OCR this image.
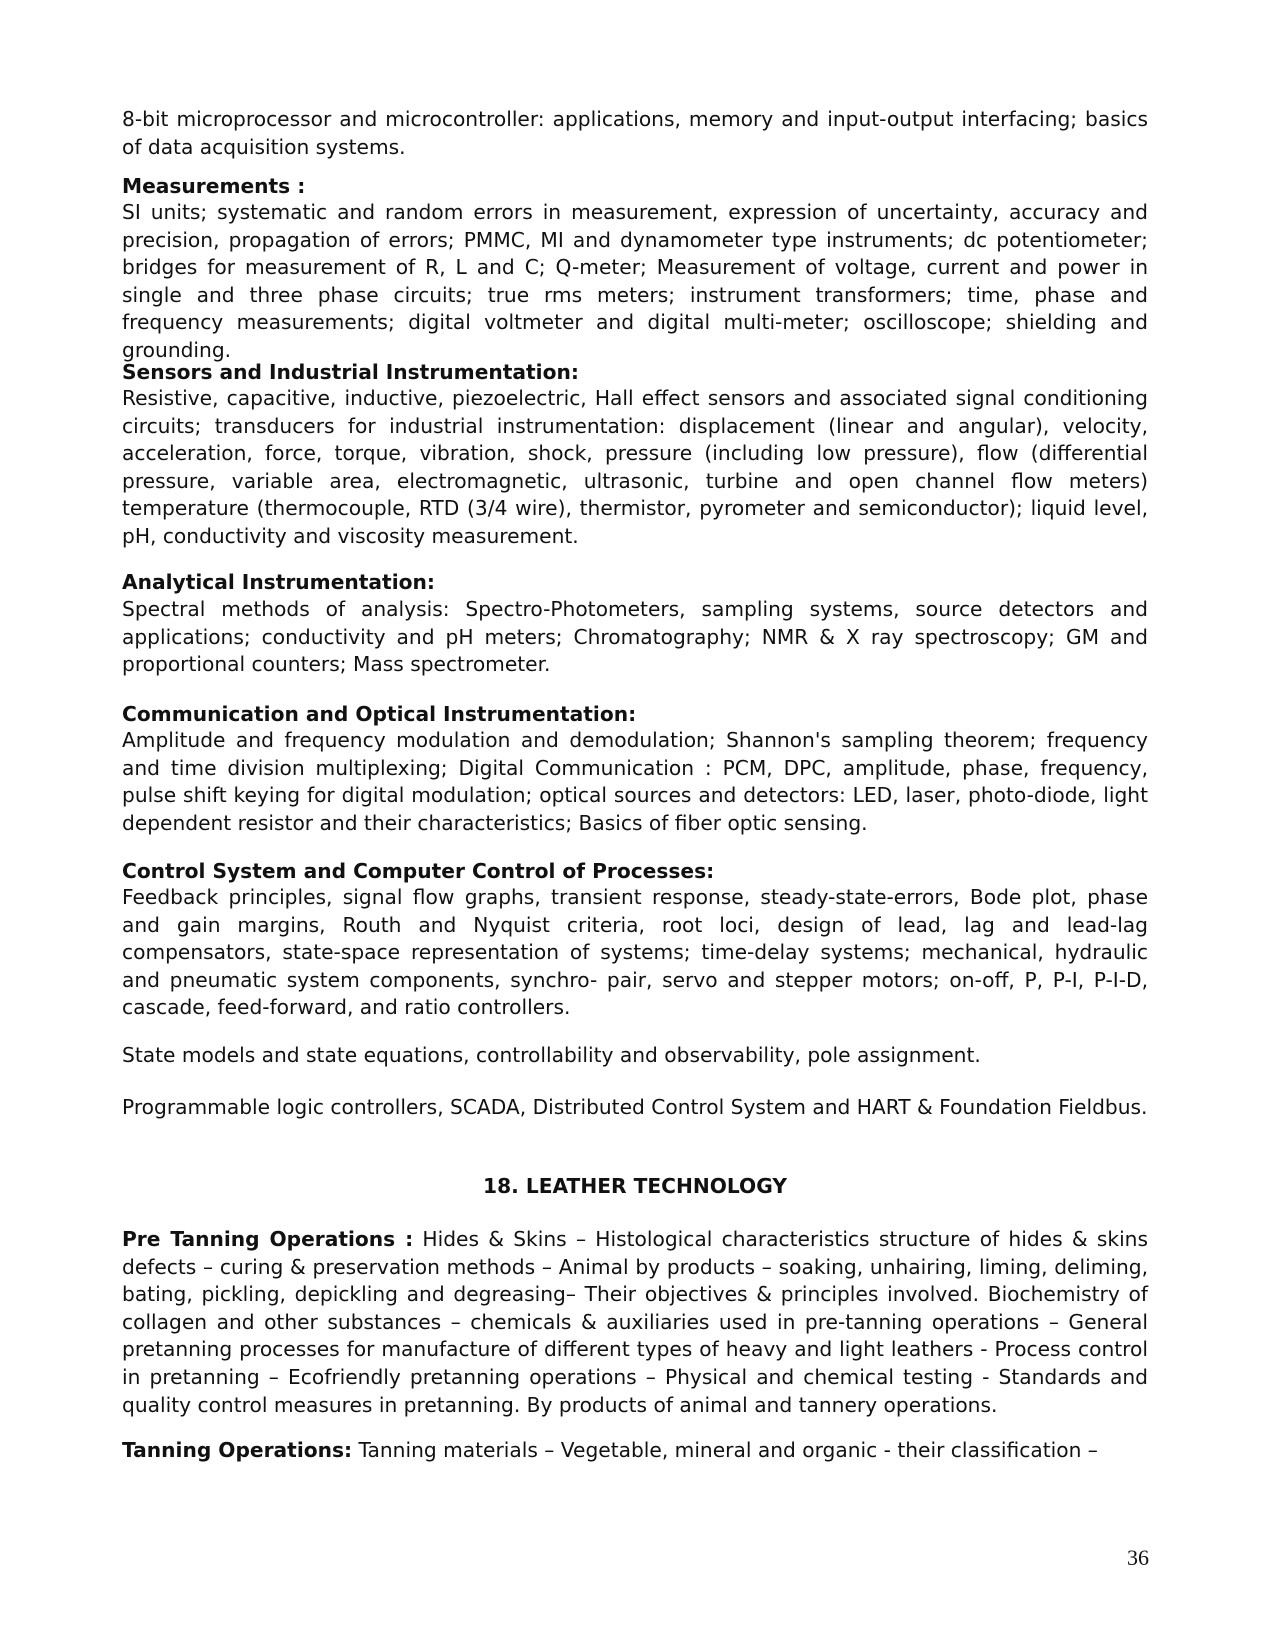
8-bit microprocessor and microcontroller: applications, memory and input-output interfacing; basics of data acquisition systems.

Measurements :

SI units; systematic and random errors in measurement, expression of uncertainty, accuracy and precision, propagation of errors; PMMC, MI and dynamometer type instruments; dc potentiometer; bridges for measurement of R, L and C; Q-meter; Measurement of voltage, current and power in single and three phase circuits; true rms meters; instrument transformers; time, phase and frequency measurements; digital voltmeter and digital multi-meter; oscilloscope; shielding and grounding.

Sensors and Industrial Instrumentation:

Resistive, capacitive, inductive, piezoelectric, Hall effect sensors and associated signal conditioning circuits; transducers for industrial instrumentation: displacement (linear and angular), velocity, acceleration, force, torque, vibration, shock, pressure (including low pressure), flow (differential pressure, variable area, electromagnetic, ultrasonic, turbine and open channel flow meters) temperature (thermocouple, RTD (3/4 wire), thermistor, pyrometer and semiconductor); liquid level, pH, conductivity and viscosity measurement.

Analytical Instrumentation:

Spectral methods of analysis: Spectro-Photometers, sampling systems, source detectors and applications; conductivity and pH meters; Chromatography; NMR & X ray spectroscopy; GM and proportional counters; Mass spectrometer.

Communication and Optical Instrumentation:

Amplitude and frequency modulation and demodulation; Shannon's sampling theorem; frequency and time division multiplexing; Digital Communication : PCM, DPC, amplitude, phase, frequency, pulse shift keying for digital modulation; optical sources and detectors: LED, laser, photo-diode, light dependent resistor and their characteristics; Basics of fiber optic sensing.

Control System and Computer Control of Processes:

Feedback principles, signal flow graphs, transient response, steady-state-errors, Bode plot, phase and gain margins, Routh and Nyquist criteria, root loci, design of lead, lag and lead-lag compensators, state-space representation of systems; time-delay systems; mechanical, hydraulic and pneumatic system components, synchro- pair, servo and stepper motors; on-off, P, P-I, P-I-D, cascade, feed-forward, and ratio controllers.

State models and state equations, controllability and observability, pole assignment.

Programmable logic controllers, SCADA, Distributed Control System and HART & Foundation Fieldbus.

18. LEATHER TECHNOLOGY

Pre Tanning Operations : Hides & Skins – Histological characteristics structure of hides & skins defects – curing & preservation methods – Animal by products – soaking, unhairing, liming, deliming, bating, pickling, depickling and degreasing– Their objectives & principles involved. Biochemistry of collagen and other substances – chemicals & auxiliaries used in pre-tanning operations – General pretanning processes for manufacture of different types of heavy and light leathers - Process control in pretanning – Ecofriendly pretanning operations – Physical and chemical testing - Standards and quality control measures in pretanning. By products of animal and tannery operations.

Tanning Operations: Tanning materials – Vegetable, mineral and organic - their classification –

36
